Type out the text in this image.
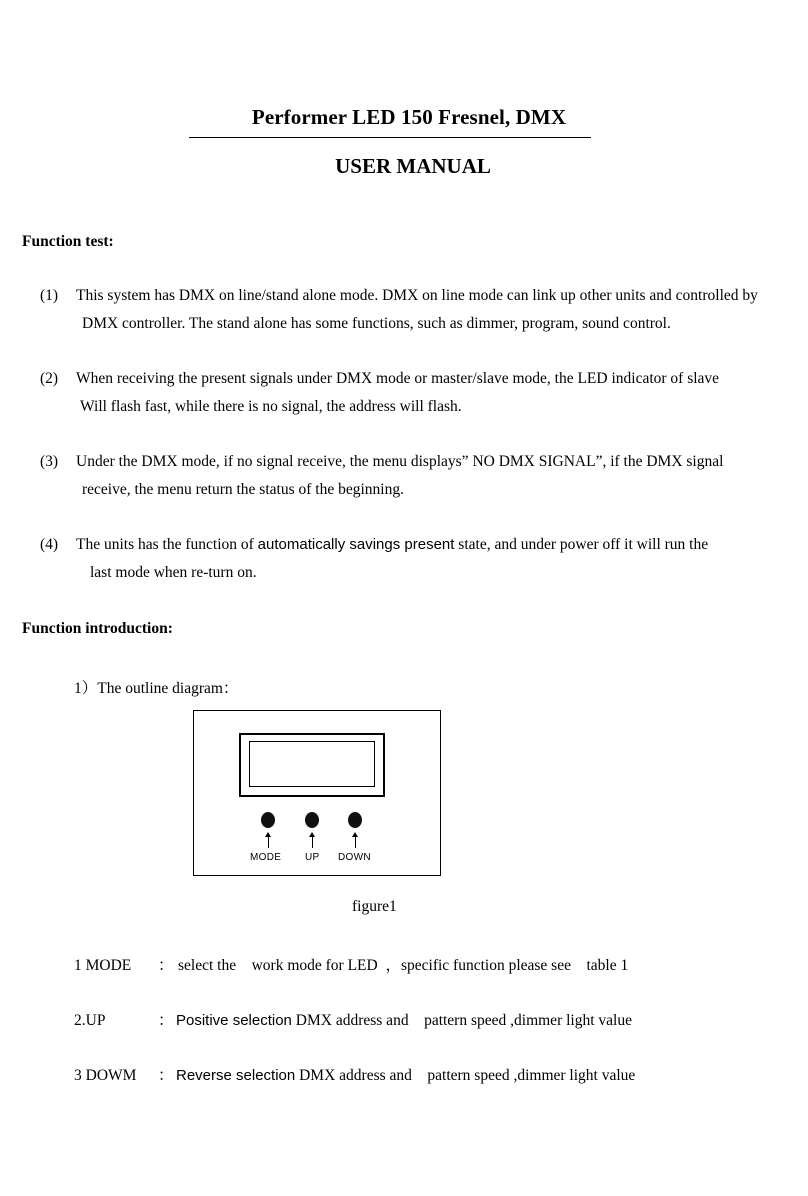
Performer LED 150 Fresnel, DMX
USER MANUAL
Function test:
(1) This system has DMX on line/stand alone mode. DMX on line mode can link up other units and controlled by
DMX controller. The stand alone has some functions, such as dimmer, program, sound control.
(2) When receiving the present signals under DMX mode or master/slave mode, the LED indicator of slave
Will flash fast, while there is no signal, the address will flash.
(3) Under the DMX mode, if no signal receive, the menu displays” NO DMX SIGNAL”, if the DMX signal
receive, the menu return the status of the beginning.
(4) The units has the function of automatically savings present state, and under power off it will run the
last mode when re-turn on.
Function introduction:
1）The outline diagram：
MODE UP DOWN
figure1
1 MODE ： select the    work mode for LED  ，specific function please see    table 1
2.UP	： Positive selection DMX address and    pattern speed ,dimmer light value
3 DOWM ： Reverse selection DMX address and    pattern speed ,dimmer light value
